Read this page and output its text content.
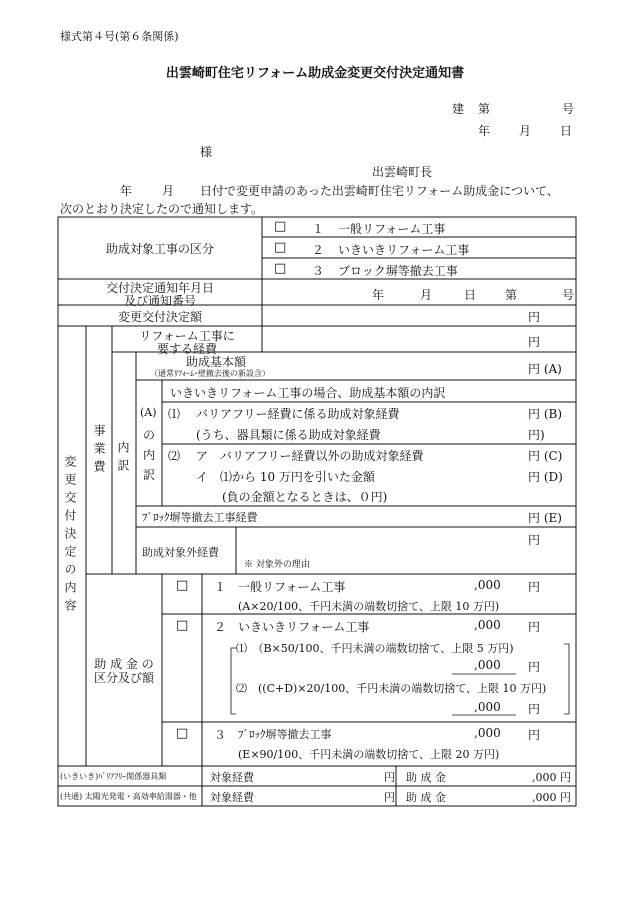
様式第４号(第６条関係)
出雲崎町住宅リフォーム助成金変更交付決定通知書
建 第	号
年 月 日
様
出雲崎町長
年 月 日付で変更申請のあった出雲崎町住宅リフォーム助成金について、
次のとおり決定したので通知します。
助成対象工事の区分
□ １ 一般リフォーム工事
□ ２ いきいきリフォーム工事
□ ３ ブロック塀等撤去工事
交付決定通知年月日
及び通知番号	年	月	日 第	号
変更交付決定額	円
変更交付決定の内容
事業費 内訳
(A)
の
内
訳
リフォーム工事に
要する経費	円
助成基本額
（通常ﾘﾌｫｰﾑ･壁撤去後の新設含）	円 (A)
いきいきリフォーム工事の場合、助成基本額の内訳
⑴ バリアフリー経費に係る助成対象経費	円 (B)
(うち、器具類に係る助成対象経費	円)
⑵ ア　バリアフリー経費以外の助成対象経費	円 (C)
イ　⑴から 10 万円を引いた金額	円 (D)
(負の金額となるときは、０円)
ﾌﾞﾛｯｸ塀等撤去工事経費	円 (E)
助成対象外経費
円
※ 対象外の理由
助 成 金 の
区分及び額
□ １ 一般リフォーム工事	,000 円
(A×20/100、千円未満の端数切捨て、上限 10 万円)
□ ２ いきいきリフォーム工事	,000 円
⑴　（B×50/100、千円未満の端数切捨て、上限 5 万円)
,000 円
⑵　((C+D)×20/100、千円未満の端数切捨て、上限 10 万円)
,000 円
□ ３ ﾌﾞﾛｯｸ塀等撤去工事	,000 円
(E×90/100、千円未満の端数切捨て、上限 20 万円)
(いきいき)ﾊﾞﾘｱﾌﾘｰ関係器具類	対象経費	円 助 成 金	,000 円
(共通) 太陽光発電・高効率給湯器・他 対象経費	円 助 成 金	,000 円
